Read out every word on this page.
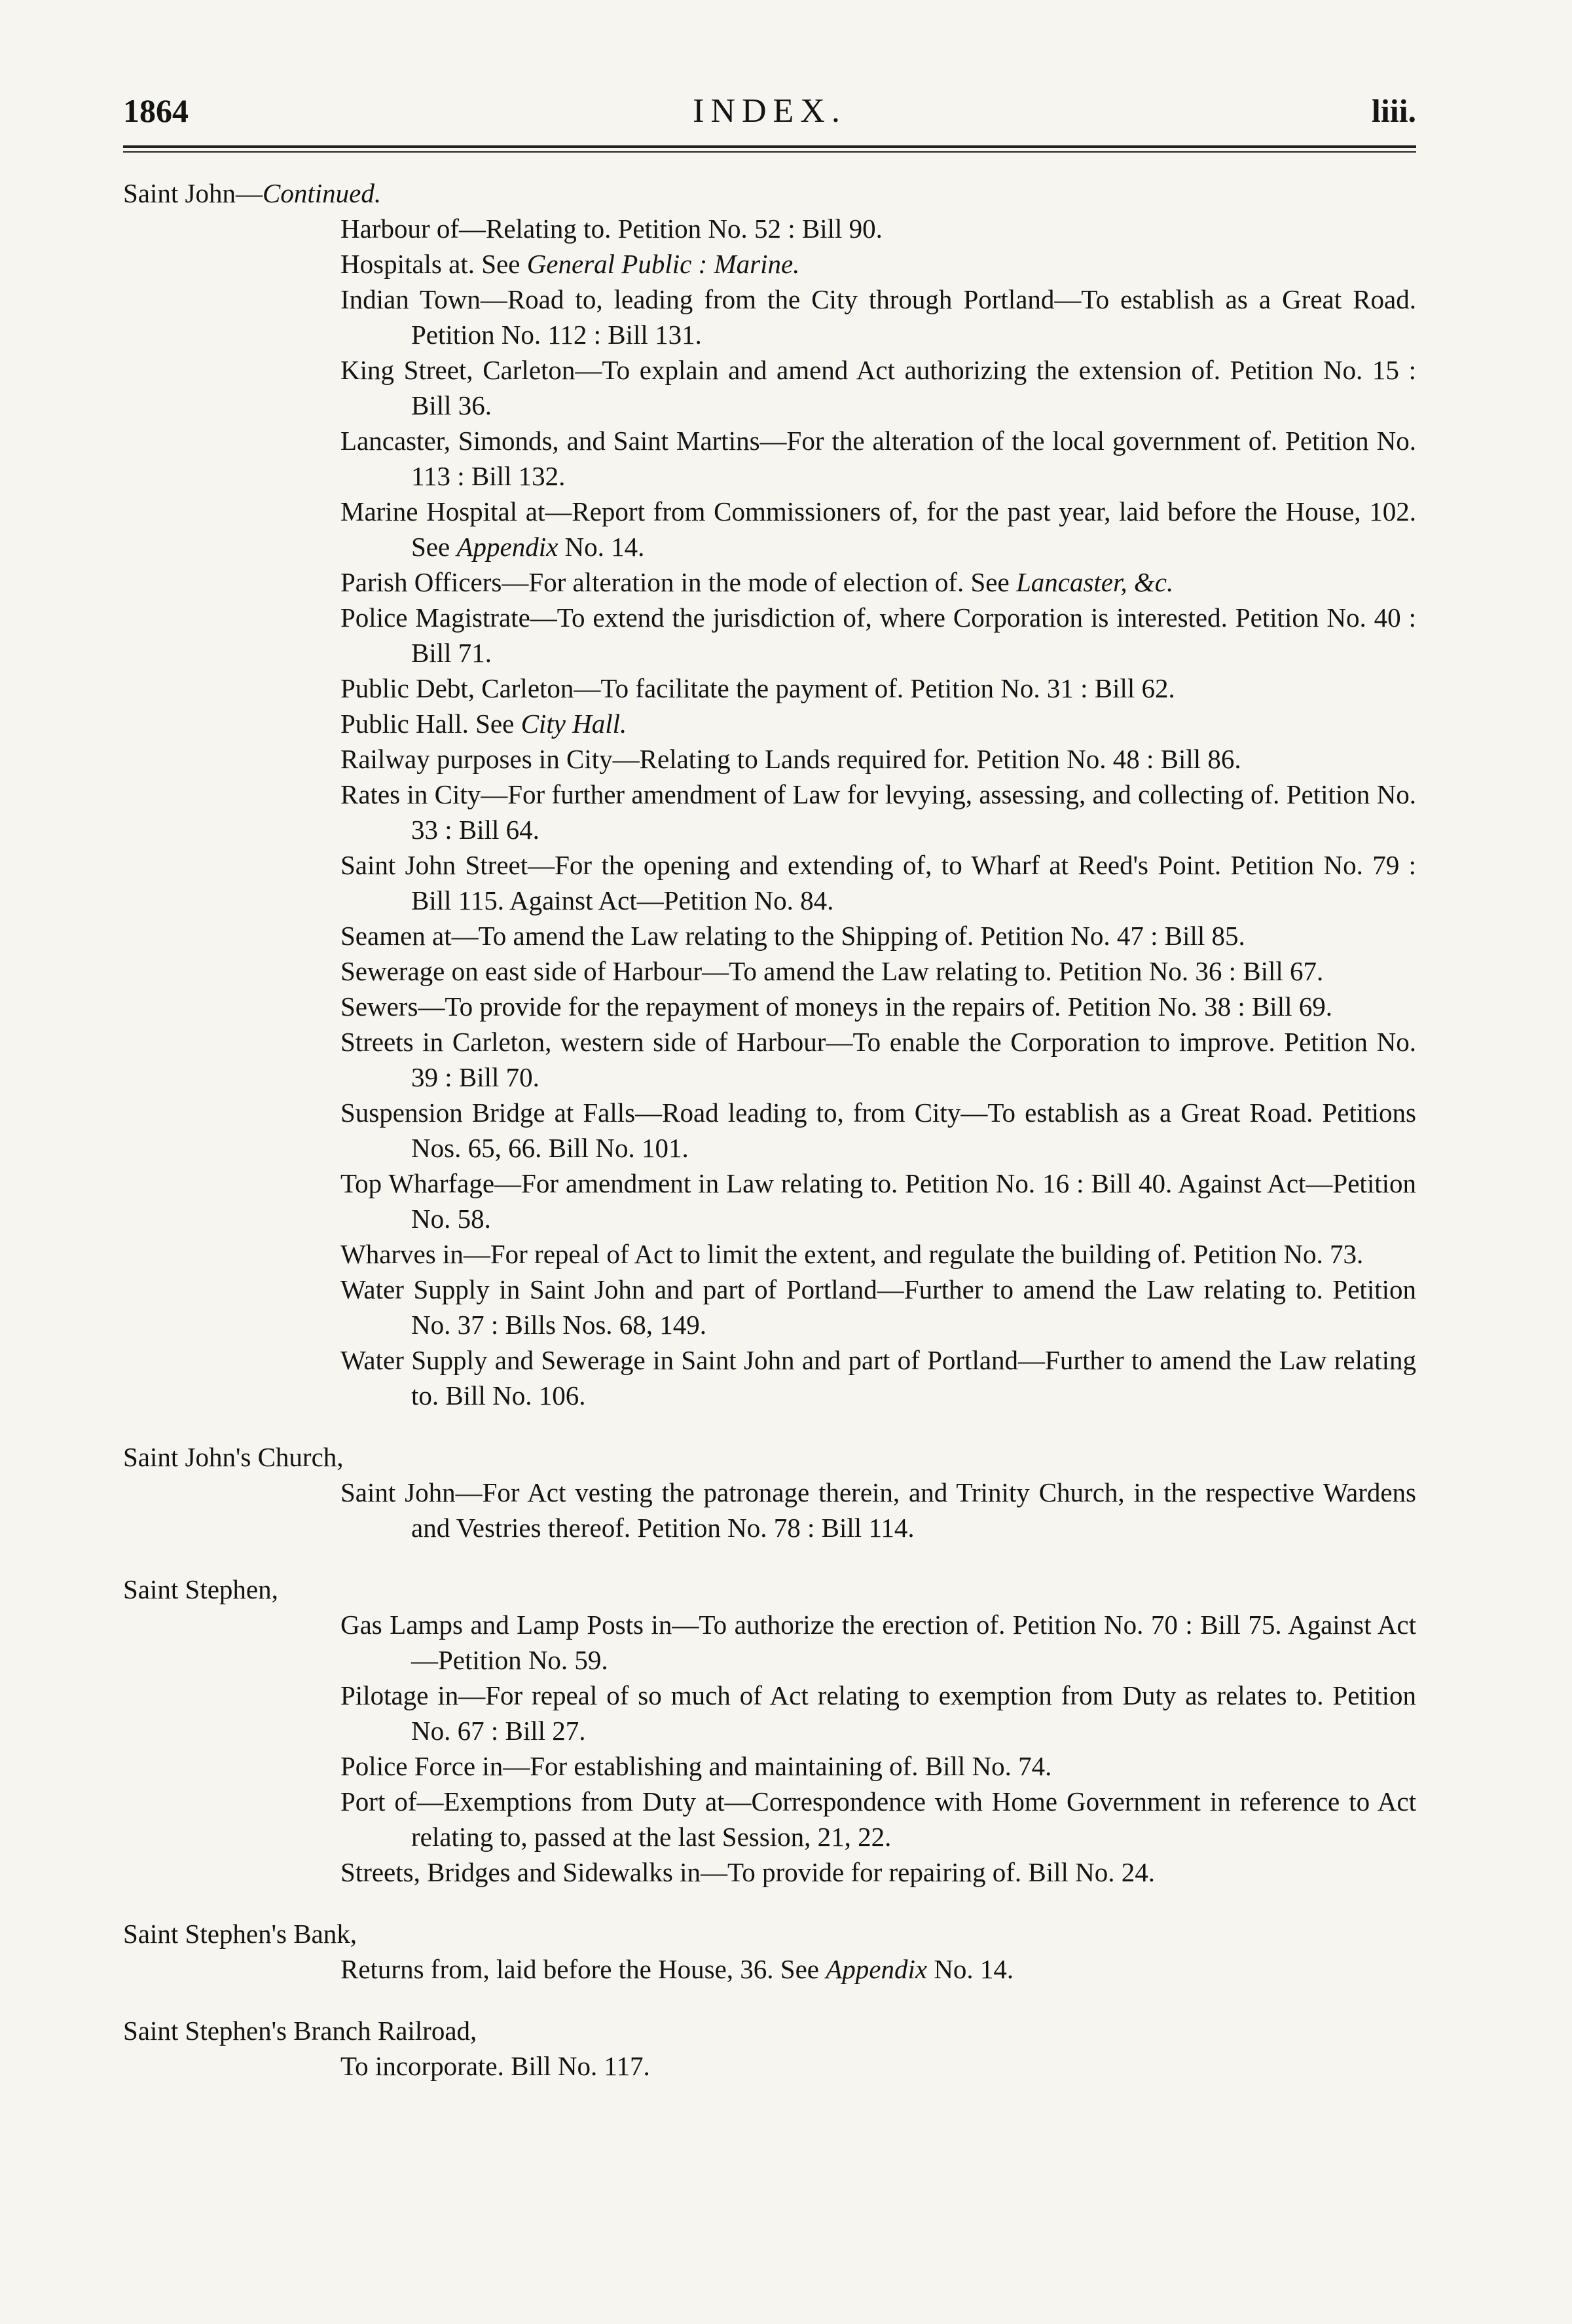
1864	INDEX.	liii.
Saint John—Continued.
Harbour of—Relating to. Petition No. 52 : Bill 90.
Hospitals at. See General Public : Marine.
Indian Town—Road to, leading from the City through Portland—To establish as a Great Road. Petition No. 112 : Bill 131.
King Street, Carleton—To explain and amend Act authorizing the extension of. Petition No. 15 : Bill 36.
Lancaster, Simonds, and Saint Martins—For the alteration of the local government of. Petition No. 113 : Bill 132.
Marine Hospital at—Report from Commissioners of, for the past year, laid before the House, 102. See Appendix No. 14.
Parish Officers—For alteration in the mode of election of. See Lancaster, &c.
Police Magistrate—To extend the jurisdiction of, where Corporation is interested. Petition No. 40 : Bill 71.
Public Debt, Carleton—To facilitate the payment of. Petition No. 31 : Bill 62.
Public Hall. See City Hall.
Railway purposes in City—Relating to Lands required for. Petition No. 48 : Bill 86.
Rates in City—For further amendment of Law for levying, assessing, and collecting of. Petition No. 33 : Bill 64.
Saint John Street—For the opening and extending of, to Wharf at Reed's Point. Petition No. 79 : Bill 115. Against Act—Petition No. 84.
Seamen at—To amend the Law relating to the Shipping of. Petition No. 47 : Bill 85.
Sewerage on east side of Harbour—To amend the Law relating to. Petition No. 36 : Bill 67.
Sewers—To provide for the repayment of moneys in the repairs of. Petition No. 38 : Bill 69.
Streets in Carleton, western side of Harbour—To enable the Corporation to improve. Petition No. 39 : Bill 70.
Suspension Bridge at Falls—Road leading to, from City—To establish as a Great Road. Petitions Nos. 65, 66. Bill No. 101.
Top Wharfage—For amendment in Law relating to. Petition No. 16 : Bill 40. Against Act—Petition No. 58.
Wharves in—For repeal of Act to limit the extent, and regulate the building of. Petition No. 73.
Water Supply in Saint John and part of Portland—Further to amend the Law relating to. Petition No. 37 : Bills Nos. 68, 149.
Water Supply and Sewerage in Saint John and part of Portland—Further to amend the Law relating to. Bill No. 106.
Saint John's Church,
Saint John—For Act vesting the patronage therein, and Trinity Church, in the respective Wardens and Vestries thereof. Petition No. 78 : Bill 114.
Saint Stephen,
Gas Lamps and Lamp Posts in—To authorize the erection of. Petition No. 70 : Bill 75. Against Act—Petition No. 59.
Pilotage in—For repeal of so much of Act relating to exemption from Duty as relates to. Petition No. 67 : Bill 27.
Police Force in—For establishing and maintaining of. Bill No. 74.
Port of—Exemptions from Duty at—Correspondence with Home Government in reference to Act relating to, passed at the last Session, 21, 22.
Streets, Bridges and Sidewalks in—To provide for repairing of. Bill No. 24.
Saint Stephen's Bank,
Returns from, laid before the House, 36. See Appendix No. 14.
Saint Stephen's Branch Railroad,
To incorporate. Bill No. 117.
